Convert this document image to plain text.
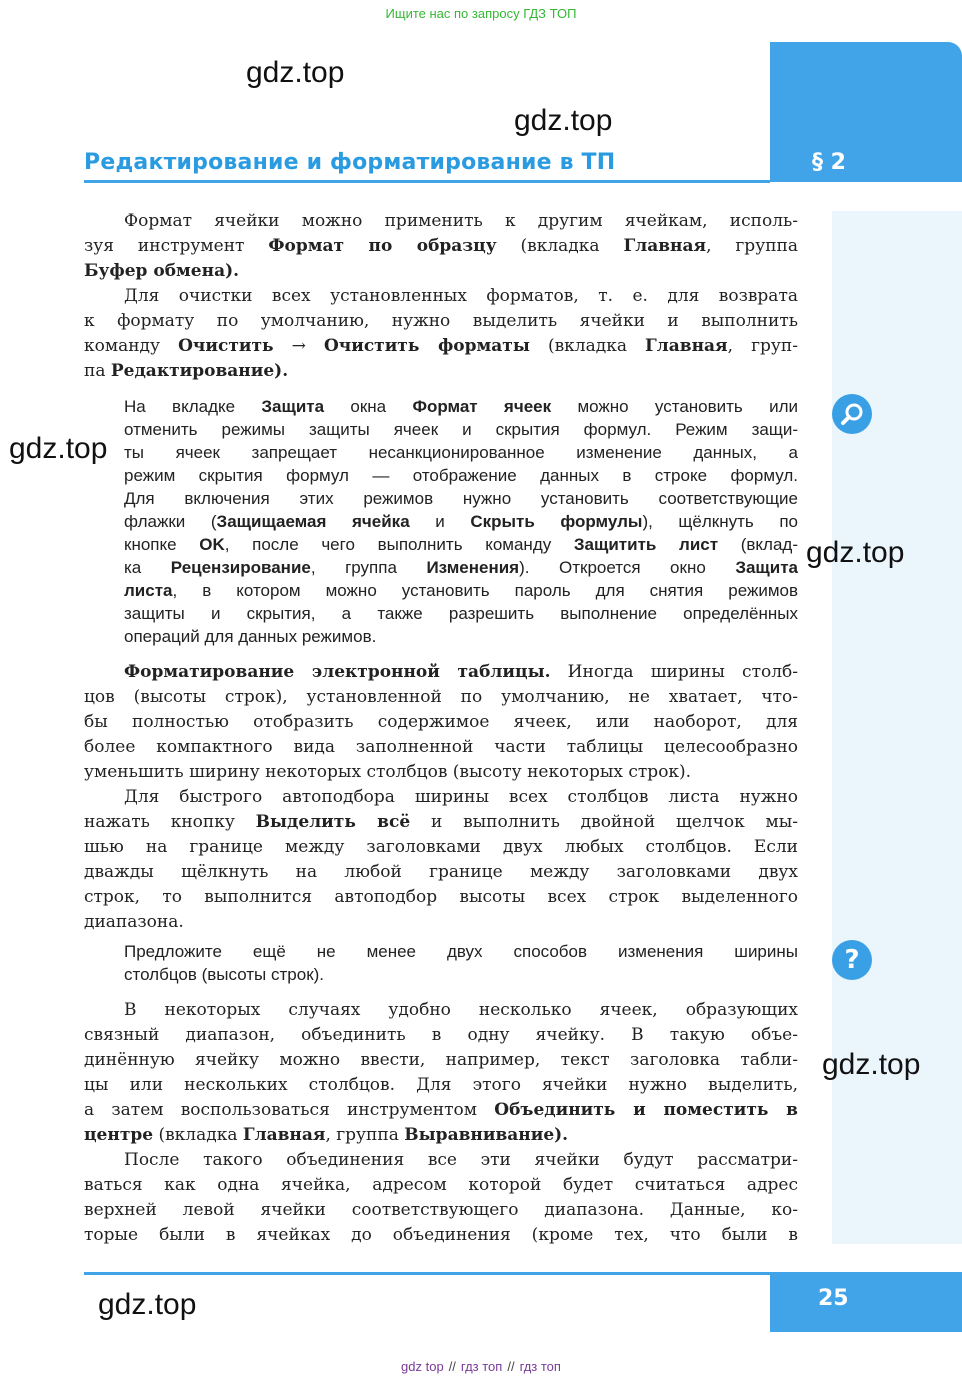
Ищите нас по запросу ГДЗ ТОП
Редактирование и форматирование в ТП	§ 2
25
gdz.top
gdz.top
gdz.top
gdz.top
gdz.top
gdz.top
?
Формат ячейки можно применить к другим ячейкам, исполь-
зуя инструмент Формат по образцу (вкладка Главная, группа
Буфер обмена).
Для очистки всех установленных форматов, т. е. для возврата
к формату по умолчанию, нужно выделить ячейки и выполнить
команду Очистить → Очистить форматы (вкладка Главная, груп-
па Редактирование).
На вкладке Защита окна Формат ячеек можно установить или
отменить режимы защиты ячеек и скрытия формул. Режим защи-
ты ячеек запрещает несанкционированное изменение данных, а
режим скрытия формул — отображение данных в строке формул.
Для включения этих режимов нужно установить соответствующие
флажки (Защищаемая ячейка и Скрыть формулы), щёлкнуть по
кнопке OK, после чего выполнить команду Защитить лист (вклад-
ка Рецензирование, группа Изменения). Откроется окно Защита
листа, в котором можно установить пароль для снятия режимов
защиты и скрытия, а также разрешить выполнение определённых
операций для данных режимов.
Форматирование электронной таблицы. Иногда ширины столб-
цов (высоты строк), установленной по умолчанию, не хватает, что-
бы полностью отобразить содержимое ячеек, или наоборот, для
более компактного вида заполненной части таблицы целесообразно
уменьшить ширину некоторых столбцов (высоту некоторых строк).
Для быстрого автоподбора ширины всех столбцов листа нужно
нажать кнопку Выделить всё и выполнить двойной щелчок мы-
шью на границе между заголовками двух любых столбцов. Если
дважды щёлкнуть на любой границе между заголовками двух
строк, то выполнится автоподбор высоты всех строк выделенного
диапазона.
Предложите ещё не менее двух способов изменения ширины
столбцов (высоты строк).
В некоторых случаях удобно несколько ячеек, образующих
связный диапазон, объединить в одну ячейку. В такую объе-
динённую ячейку можно ввести, например, текст заголовка табли-
цы или нескольких столбцов. Для этого ячейки нужно выделить,
а затем воспользоваться инструментом Объединить и поместить в
центре (вкладка Главная, группа Выравнивание).
После такого объединения все эти ячейки будут рассматри-
ваться как одна ячейка, адресом которой будет считаться адрес
верхней левой ячейки соответствующего диапазона. Данные, ко-
торые были в ячейках до объединения (кроме тех, что были в
gdz top // гдз топ // гдз топ
